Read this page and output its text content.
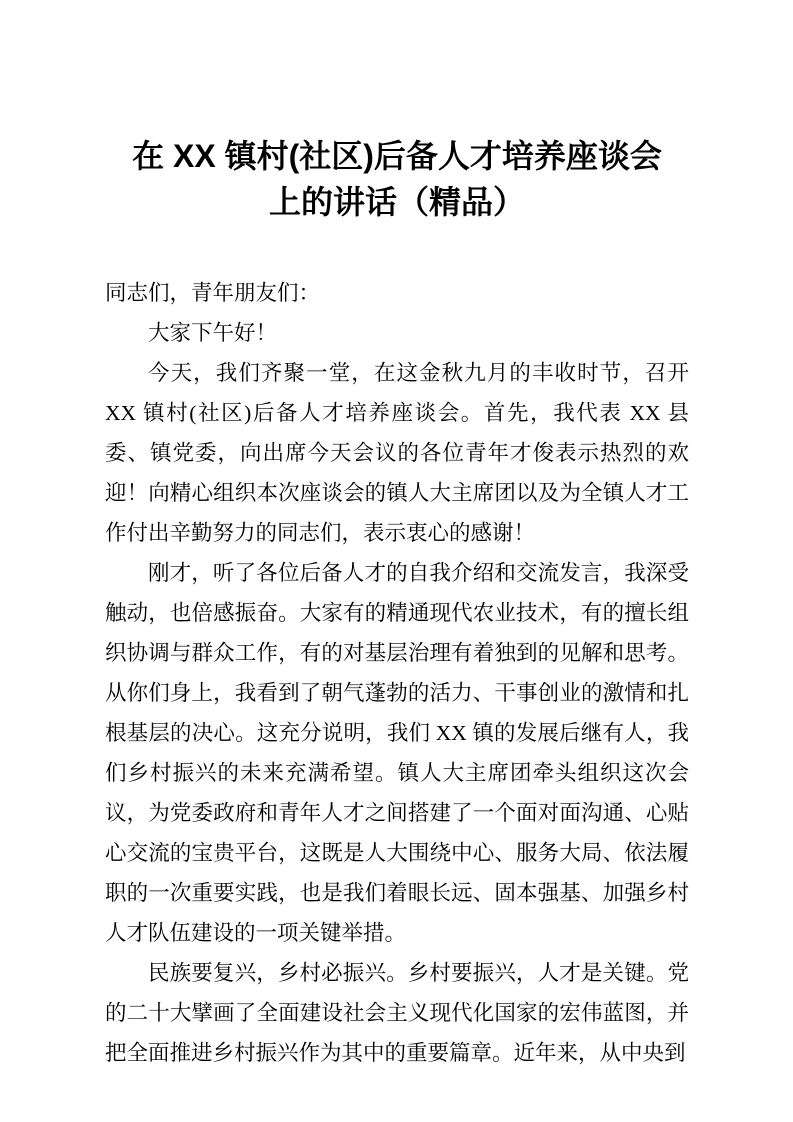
在 XX 镇村(社区)后备人才培养座谈会
上的讲话（精品）

同志们，青年朋友们：

大家下午好！

今天，我们齐聚一堂，在这金秋九月的丰收时节，召开 XX 镇村(社区)后备人才培养座谈会。首先，我代表 XX 县委、镇党委，向出席今天会议的各位青年才俊表示热烈的欢迎！向精心组织本次座谈会的镇人大主席团以及为全镇人才工作付出辛勤努力的同志们，表示衷心的感谢！

刚才，听了各位后备人才的自我介绍和交流发言，我深受触动，也倍感振奋。大家有的精通现代农业技术，有的擅长组织协调与群众工作，有的对基层治理有着独到的见解和思考。从你们身上，我看到了朝气蓬勃的活力、干事创业的激情和扎根基层的决心。这充分说明，我们 XX 镇的发展后继有人，我们乡村振兴的未来充满希望。镇人大主席团牵头组织这次会议，为党委政府和青年人才之间搭建了一个面对面沟通、心贴心交流的宝贵平台，这既是人大围绕中心、服务大局、依法履职的一次重要实践，也是我们着眼长远、固本强基、加强乡村人才队伍建设的一项关键举措。

民族要复兴，乡村必振兴。乡村要振兴，人才是关键。党的二十大擘画了全面建设社会主义现代化国家的宏伟蓝图，并把全面推进乡村振兴作为其中的重要篇章。近年来，从中央到
